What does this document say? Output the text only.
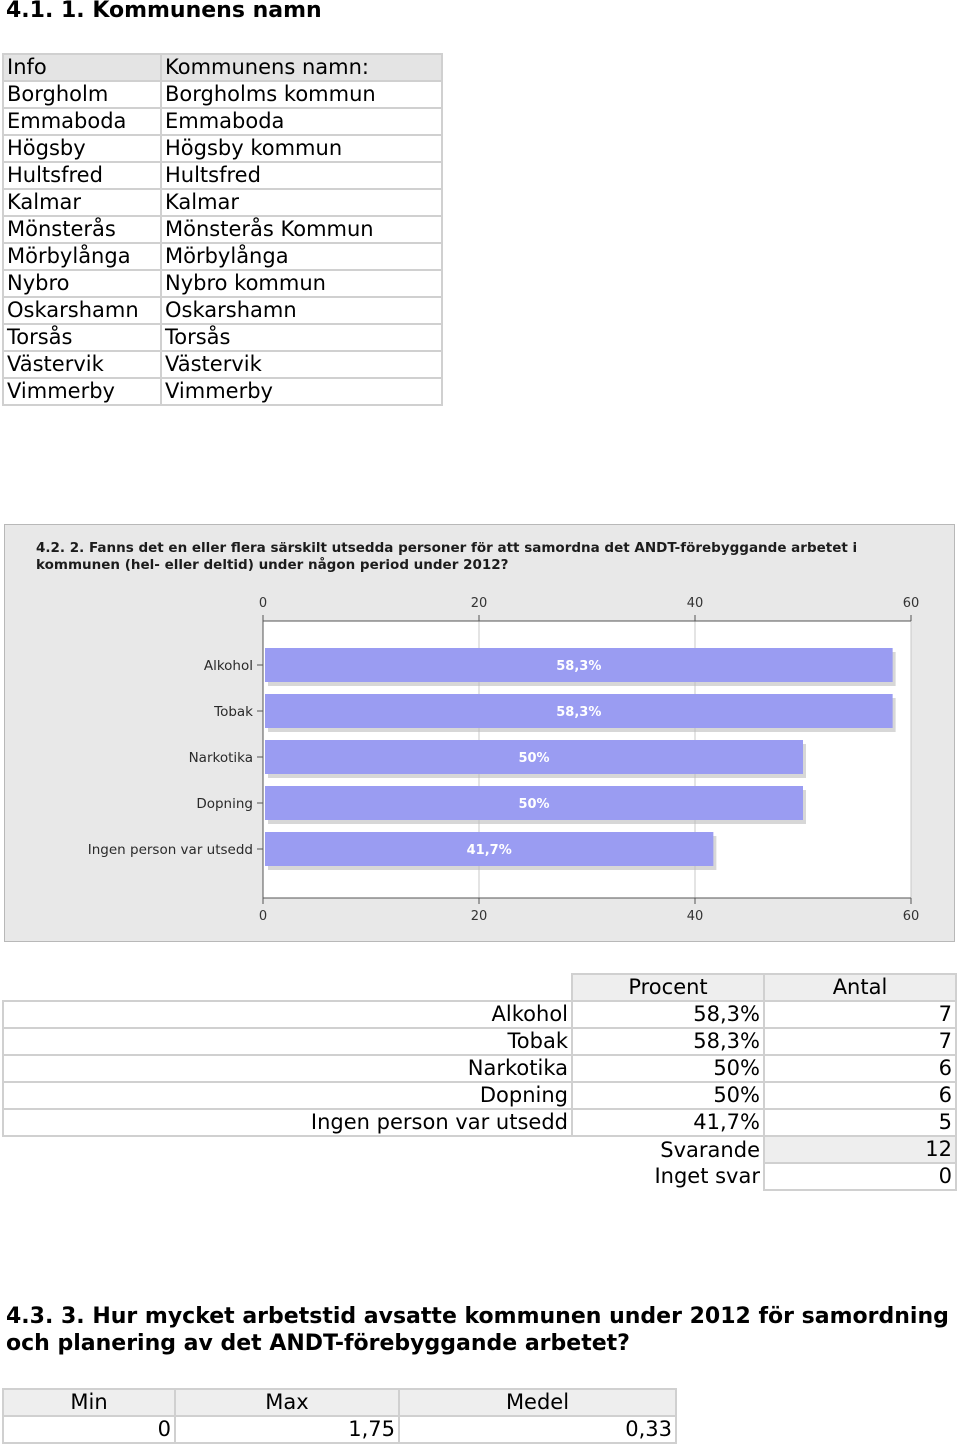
4.1. 1. Kommunens namn
Info	Kommunens namn:
Borgholm	Borgholms kommun
Emmaboda	Emmaboda
Högsby	Högsby kommun
Hultsfred	Hultsfred
Kalmar	Kalmar
Mönsterås	Mönsterås Kommun
Mörbylånga	Mörbylånga
Nybro	Nybro kommun
Oskarshamn	Oskarshamn
Torsås	Torsås
Västervik	Västervik
Vimmerby	Vimmerby
4.2. 2. Fanns det en eller flera särskilt utsedda personer för att samordna det ANDT-förebyggande arbetet i
kommunen (hel- eller deltid) under någon period under 2012?
0
0
20
20
40
40
60
60
Alkohol	58,3%
Tobak	58,3%
Narkotika	50%
Dopning	50%
Ingen person var utsedd	41,7%
	Procent	Antal
Alkohol	58,3%	7
Tobak	58,3%	7
Narkotika	50%	6
Dopning	50%	6
Ingen person var utsedd	41,7%	5
	Svarande	12
	Inget svar	0
4.3. 3. Hur mycket arbetstid avsatte kommunen under 2012 för samordning
och planering av det ANDT-förebyggande arbetet?
Min	Max	Medel
0	1,75	0,33
